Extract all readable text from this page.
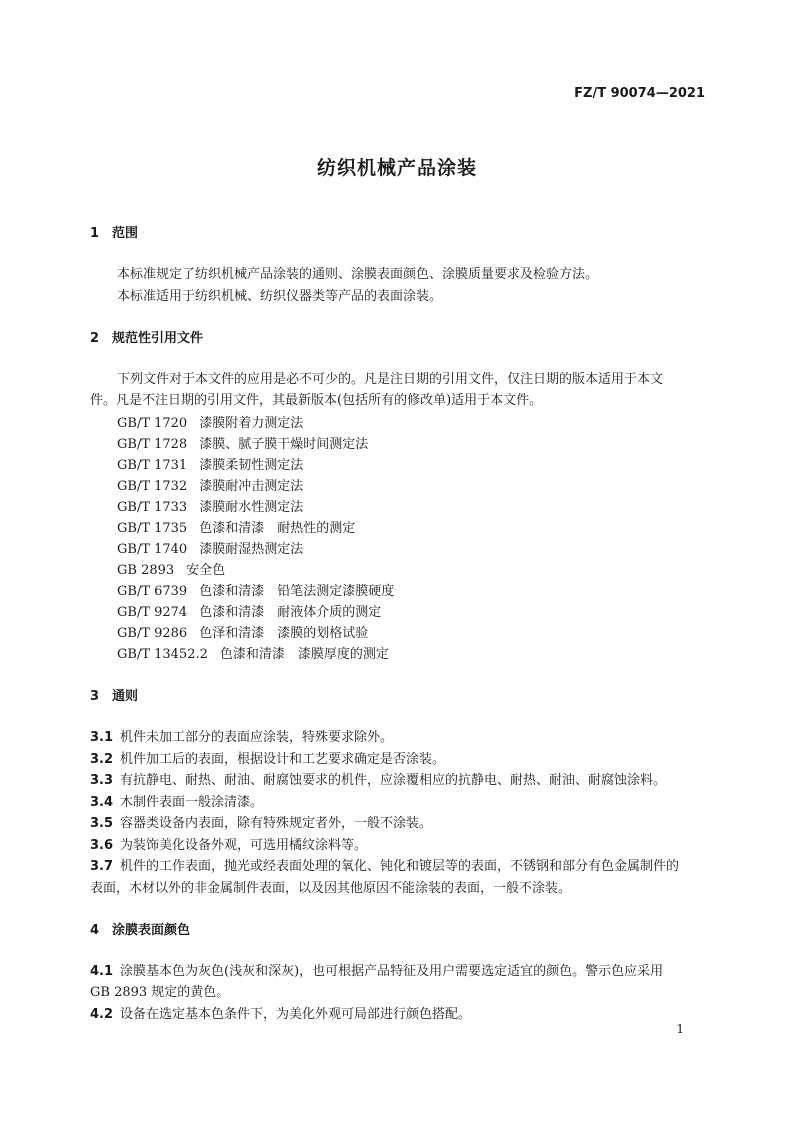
FZ/T 90074—2021
纺织机械产品涂装
1 范围
本标准规定了纺织机械产品涂装的通则、涂膜表面颜色、涂膜质量要求及检验方法。
本标准适用于纺织机械、纺织仪器类等产品的表面涂装。
2 规范性引用文件
下列文件对于本文件的应用是必不可少的。凡是注日期的引用文件，仅注日期的版本适用于本文
件。凡是不注日期的引用文件，其最新版本(包括所有的修改单)适用于本文件。
GB/T 1720 漆膜附着力测定法
GB/T 1728 漆膜、腻子膜干燥时间测定法
GB/T 1731 漆膜柔韧性测定法
GB/T 1732 漆膜耐冲击测定法
GB/T 1733 漆膜耐水性测定法
GB/T 1735 色漆和清漆　耐热性的测定
GB/T 1740 漆膜耐湿热测定法
GB 2893 安全色
GB/T 6739 色漆和清漆　铅笔法测定漆膜硬度
GB/T 9274 色漆和清漆　耐液体介质的测定
GB/T 9286 色泽和清漆　漆膜的划格试验
GB/T 13452.2 色漆和清漆　漆膜厚度的测定
3 通则
3.1 机件未加工部分的表面应涂装，特殊要求除外。
3.2 机件加工后的表面，根据设计和工艺要求确定是否涂装。
3.3 有抗静电、耐热、耐油、耐腐蚀要求的机件，应涂覆相应的抗静电、耐热、耐油、耐腐蚀涂料。
3.4 木制件表面一般涂清漆。
3.5 容器类设备内表面，除有特殊规定者外，一般不涂装。
3.6 为装饰美化设备外观，可选用橘纹涂料等。
3.7 机件的工作表面，抛光或经表面处理的氧化、钝化和镀层等的表面，不锈钢和部分有色金属制件的
表面，木材以外的非金属制件表面，以及因其他原因不能涂装的表面，一般不涂装。
4 涂膜表面颜色
4.1 涂膜基本色为灰色(浅灰和深灰)，也可根据产品特征及用户需要选定适宜的颜色。警示色应采用
GB 2893 规定的黄色。
4.2 设备在选定基本色条件下，为美化外观可局部进行颜色搭配。
1
